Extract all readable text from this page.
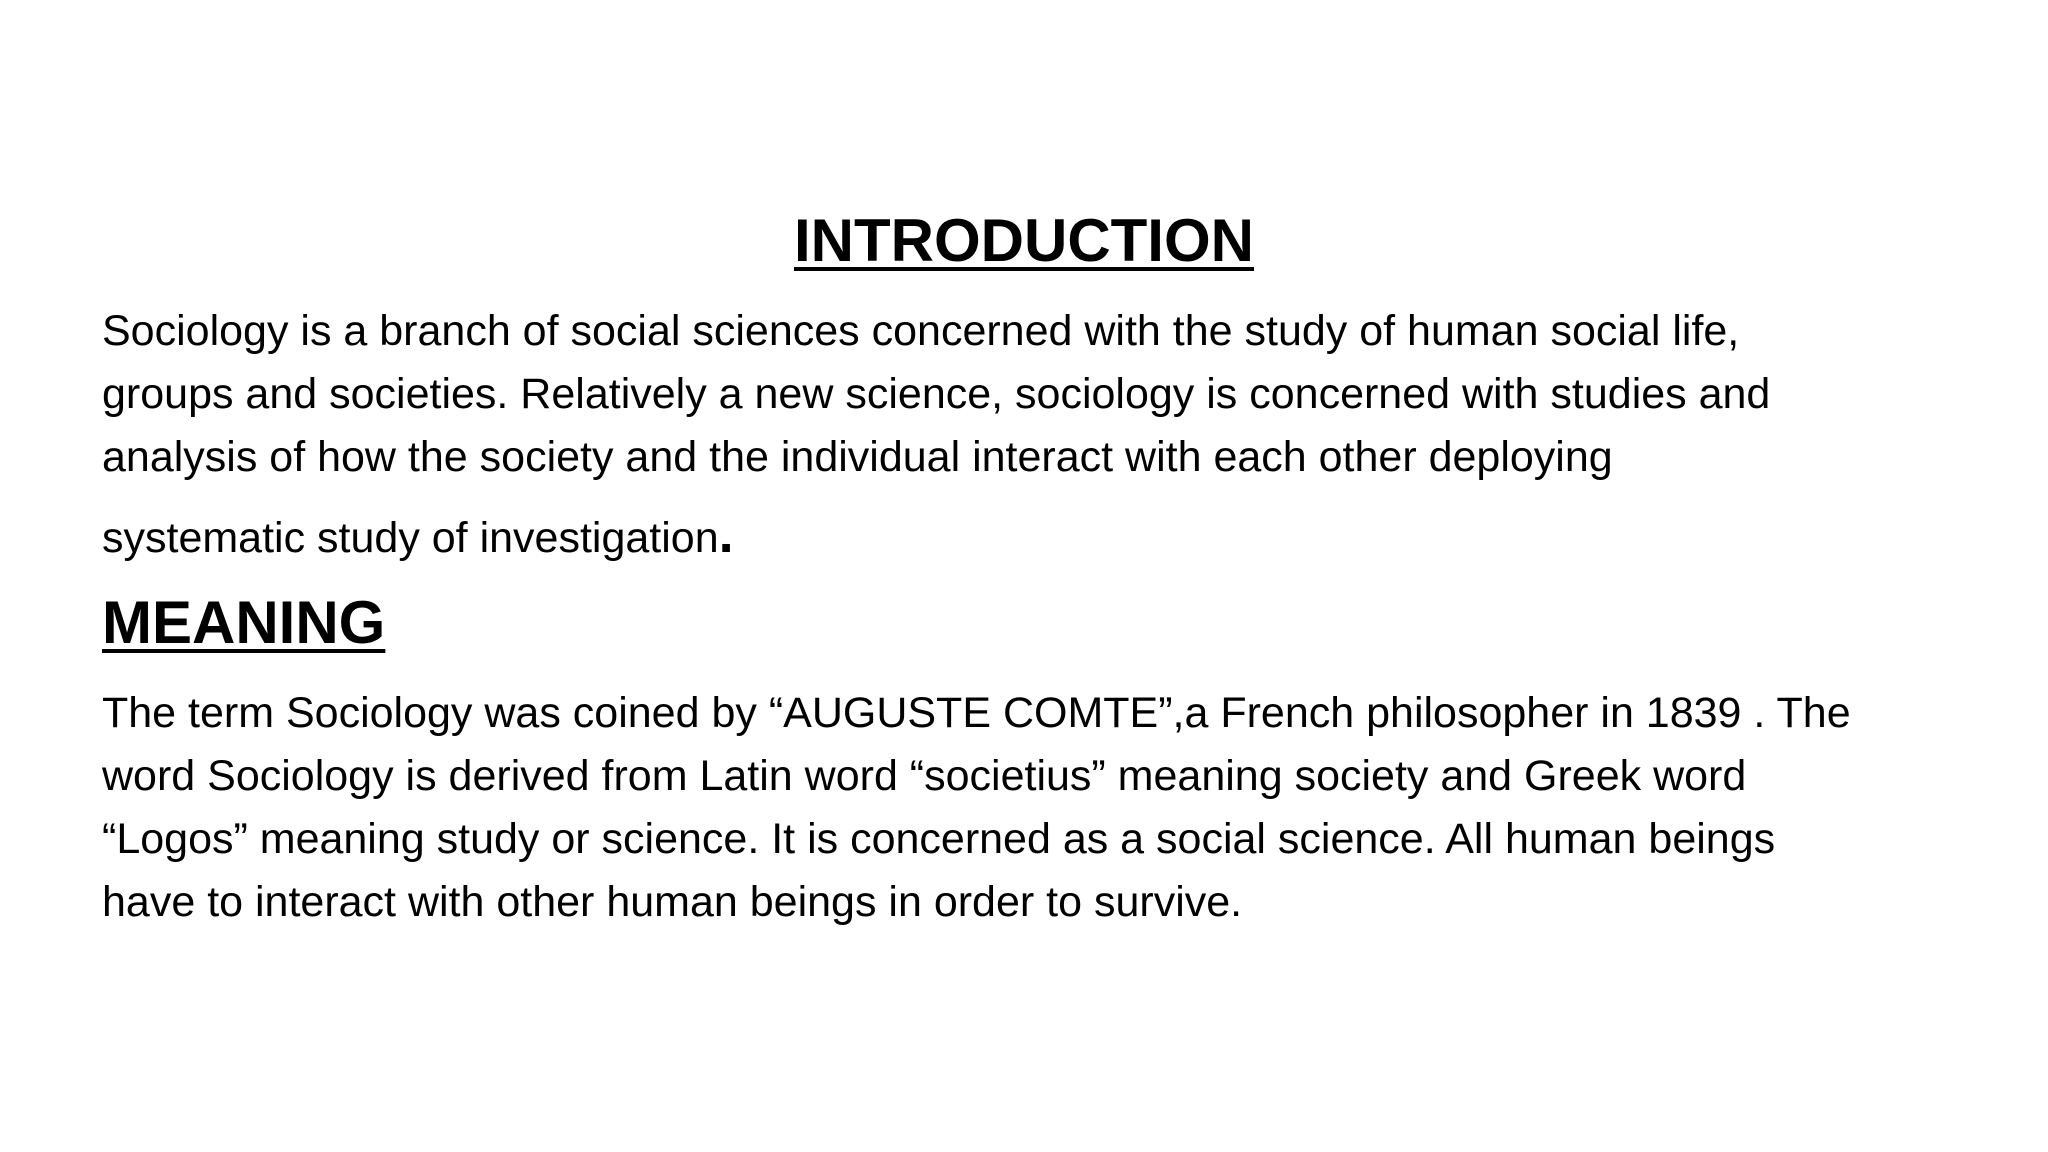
INTRODUCTION

Sociology is a branch of social sciences concerned with the study of human social life,
groups and societies. Relatively a new science, sociology is concerned with studies and
analysis of how the society and the individual interact with each other deploying
systematic study of investigation.

MEANING

The term Sociology was coined by “AUGUSTE COMTE”,a French philosopher in 1839 . The
word Sociology is derived from Latin word “societius” meaning society and Greek word
“Logos” meaning study or science. It is concerned as a social science. All human beings
have to interact with other human beings in order to survive.
